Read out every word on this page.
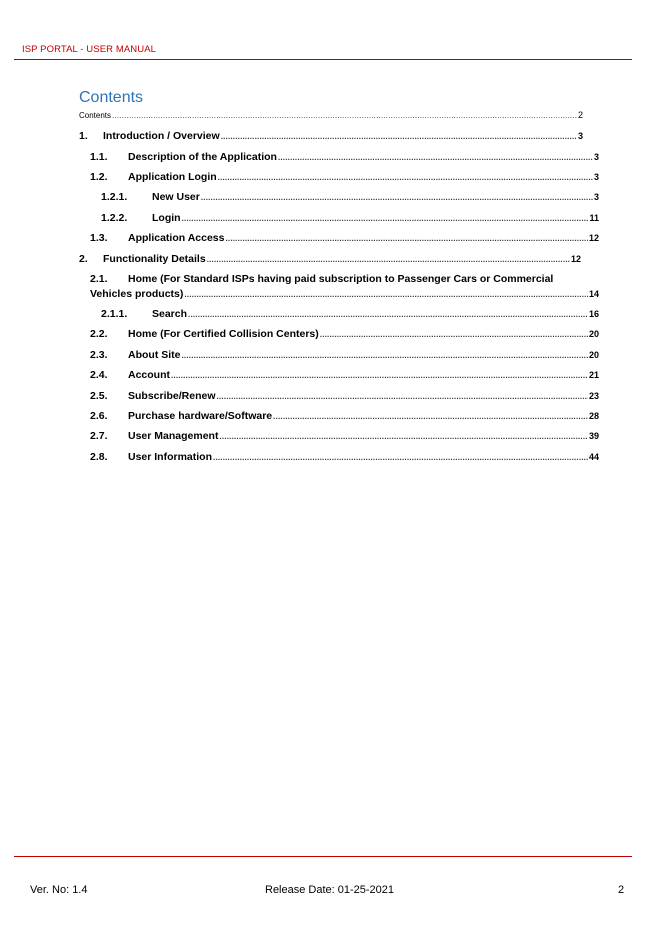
ISP PORTAL - USER MANUAL
Contents
Contents .....	2
1.	Introduction / Overview .....	3
1.1.	Description of the Application .....	3
1.2.	Application Login .....	3
1.2.1.	New User .....	3
1.2.2.	Login .....	11
1.3.	Application Access .....	12
2.	Functionality Details .....	12
2.1. Home (For Standard ISPs having paid subscription to Passenger Cars or Commercial
Vehicles products) .....	14
2.1.1.	Search .....	16
2.2.	Home (For Certified Collision Centers) .....	20
2.3.	About Site .....	20
2.4.	Account .....	21
2.5.	Subscribe/Renew .....	23
2.6.	Purchase hardware/Software .....	28
2.7.	User Management .....	39
2.8.	User Information .....	44
Ver. No: 1.4	Release Date: 01-25-2021	2
